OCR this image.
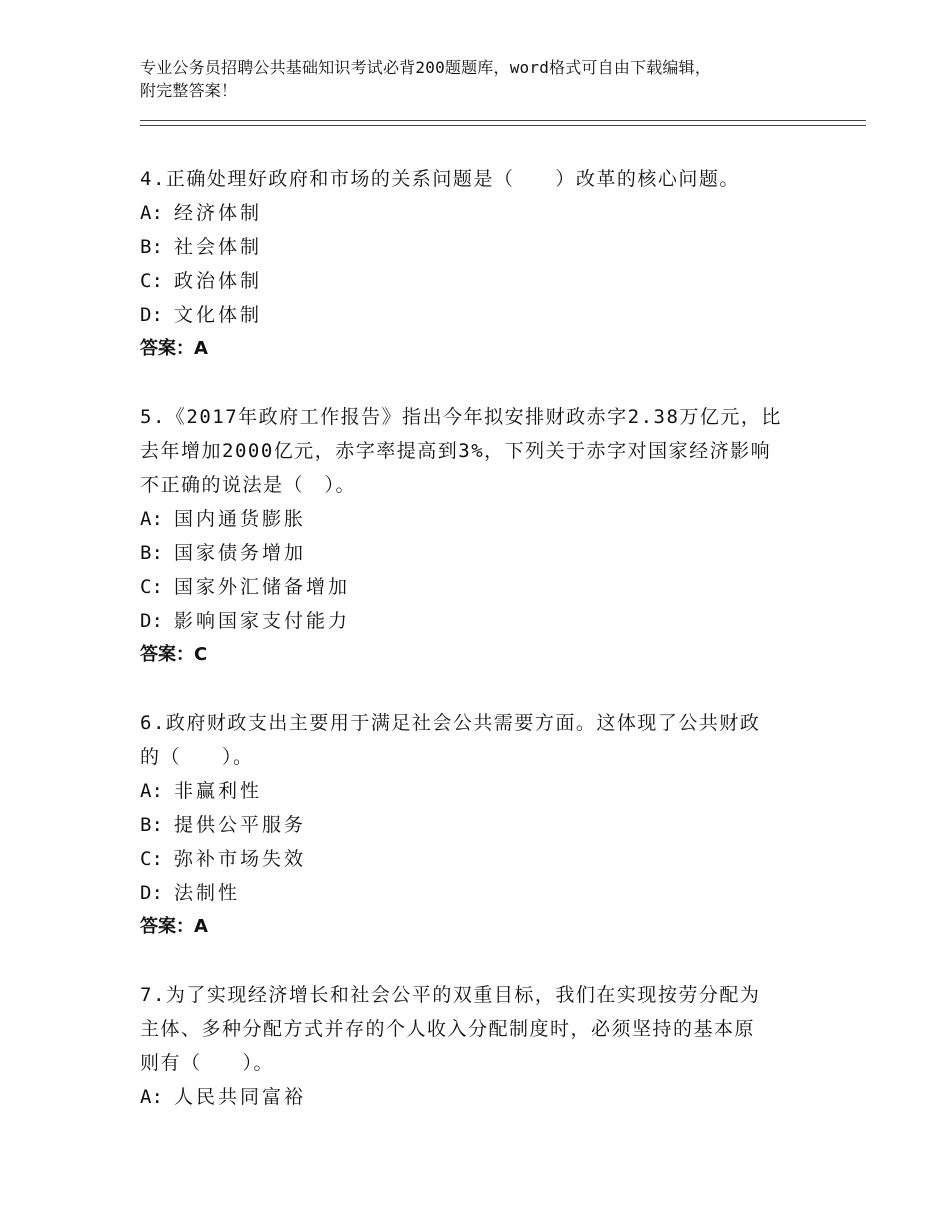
专业公务员招聘公共基础知识考试必背200题题库，word格式可自由下载编辑，
附完整答案！
4.正确处理好政府和市场的关系问题是（　　）改革的核心问题。
A: 经济体制
B: 社会体制
C: 政治体制
D: 文化体制
答案：A
5.《2017年政府工作报告》指出今年拟安排财政赤字2.38万亿元，比
去年增加2000亿元，赤字率提高到3%，下列关于赤字对国家经济影响
不正确的说法是（　）。
A: 国内通货膨胀
B: 国家债务增加
C: 国家外汇储备增加
D: 影响国家支付能力
答案：C
6.政府财政支出主要用于满足社会公共需要方面。这体现了公共财政
的（　　）。
A: 非赢利性
B: 提供公平服务
C: 弥补市场失效
D: 法制性
答案：A
7.为了实现经济增长和社会公平的双重目标，我们在实现按劳分配为
主体、多种分配方式并存的个人收入分配制度时，必须坚持的基本原
则有（　　）。
A: 人民共同富裕
